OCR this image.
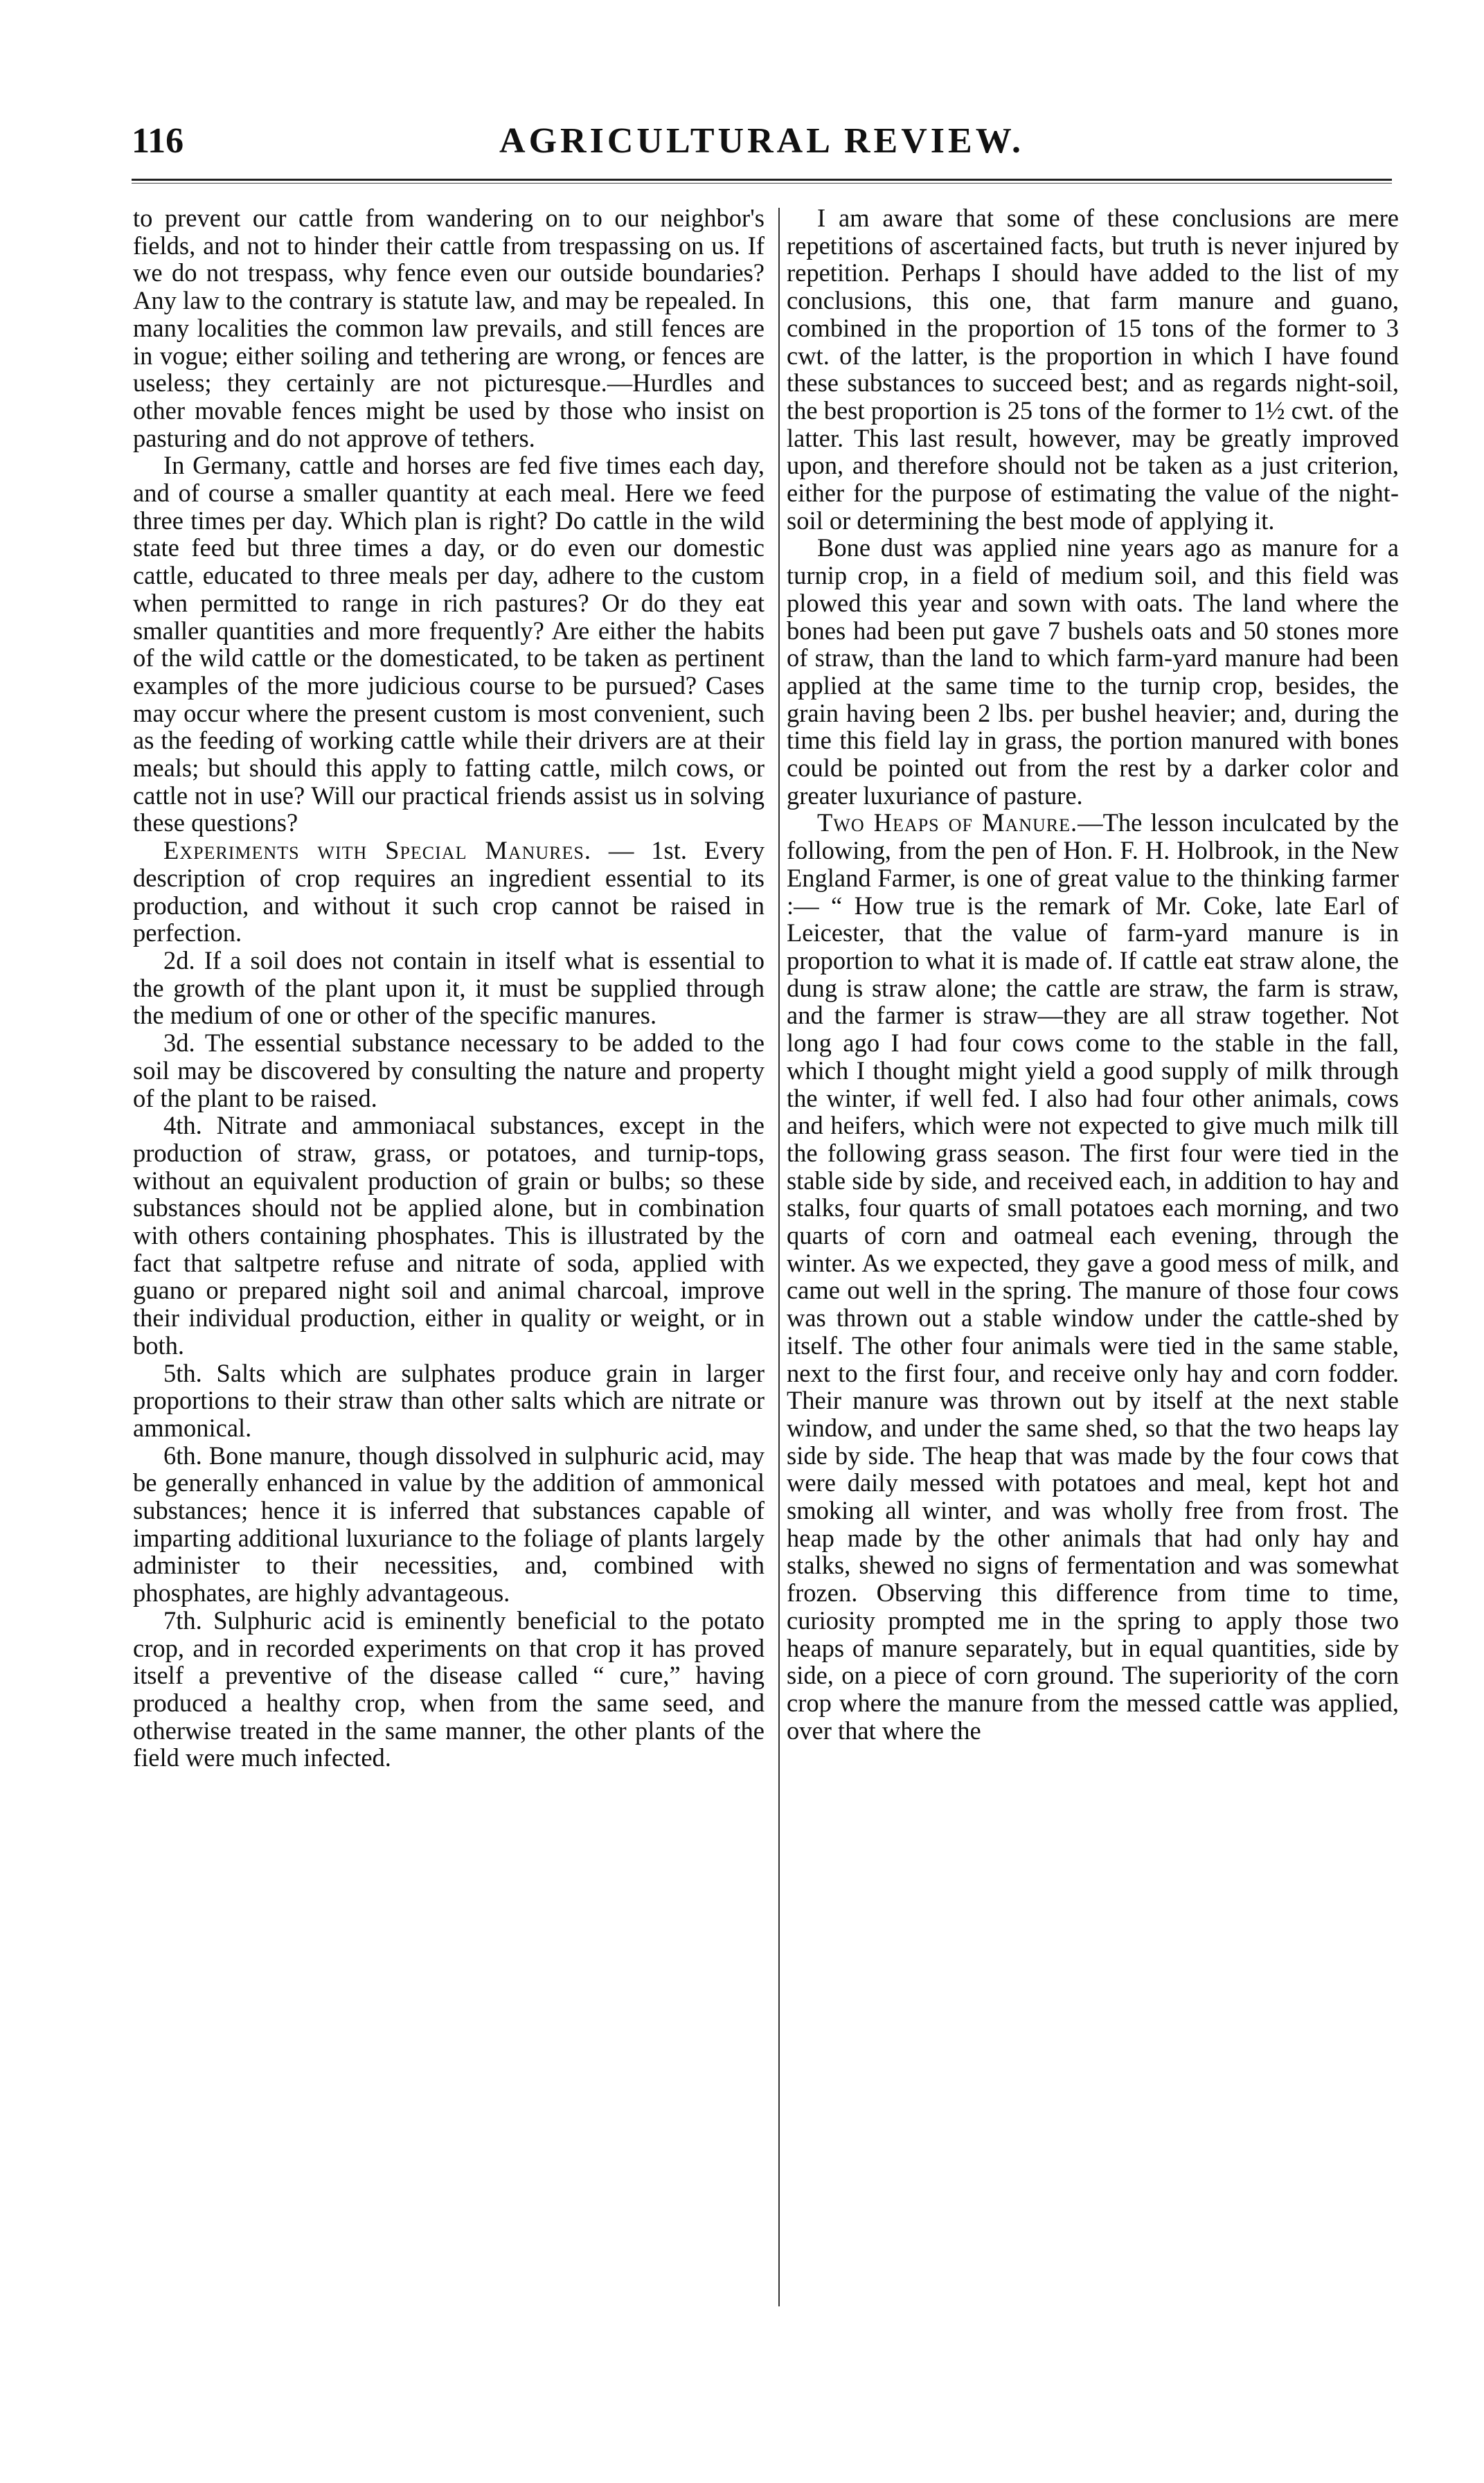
116	AGRICULTURAL REVIEW.

to prevent our cattle from wandering on to our neighbor's fields, and not to hinder their cattle from trespassing on us. If we do not trespass, why fence even our outside boundaries? Any law to the contrary is statute law, and may be repealed. In many localities the common law prevails, and still fences are in vogue; either soiling and tethering are wrong, or fences are useless; they certainly are not picturesque.—Hurdles and other movable fences might be used by those who insist on pasturing and do not approve of tethers.

In Germany, cattle and horses are fed five times each day, and of course a smaller quantity at each meal. Here we feed three times per day. Which plan is right? Do cattle in the wild state feed but three times a day, or do even our domestic cattle, educated to three meals per day, adhere to the custom when permitted to range in rich pastures? Or do they eat smaller quantities and more frequently? Are either the habits of the wild cattle or the domesticated, to be taken as pertinent examples of the more judicious course to be pursued? Cases may occur where the present custom is most convenient, such as the feeding of working cattle while their drivers are at their meals; but should this apply to fatting cattle, milch cows, or cattle not in use? Will our practical friends assist us in solving these questions?

Experiments with Special Manures. — 1st. Every description of crop requires an ingredient essential to its production, and without it such crop cannot be raised in perfection.

2d. If a soil does not contain in itself what is essential to the growth of the plant upon it, it must be supplied through the medium of one or other of the specific manures.

3d. The essential substance necessary to be added to the soil may be discovered by consulting the nature and property of the plant to be raised.

4th. Nitrate and ammoniacal substances, except in the production of straw, grass, or potatoes, and turnip-tops, without an equivalent production of grain or bulbs; so these substances should not be applied alone, but in combination with others containing phosphates. This is illustrated by the fact that saltpetre refuse and nitrate of soda, applied with guano or prepared night soil and animal charcoal, improve their individual production, either in quality or weight, or in both.

5th. Salts which are sulphates produce grain in larger proportions to their straw than other salts which are nitrate or ammonical.

6th. Bone manure, though dissolved in sulphuric acid, may be generally enhanced in value by the addition of ammonical substances; hence it is inferred that substances capable of imparting additional luxuriance to the foliage of plants largely administer to their necessities, and, combined with phosphates, are highly advantageous.

7th. Sulphuric acid is eminently beneficial to the potato crop, and in recorded experiments on that crop it has proved itself a preventive of the disease called “ cure,” having produced a healthy crop, when from the same seed, and otherwise treated in the same manner, the other plants of the field were much infected.

I am aware that some of these conclusions are mere repetitions of ascertained facts, but truth is never injured by repetition. Perhaps I should have added to the list of my conclusions, this one, that farm manure and guano, combined in the proportion of 15 tons of the former to 3 cwt. of the latter, is the proportion in which I have found these substances to succeed best; and as regards night-soil, the best proportion is 25 tons of the former to 1½ cwt. of the latter. This last result, however, may be greatly improved upon, and therefore should not be taken as a just criterion, either for the purpose of estimating the value of the night-soil or determining the best mode of applying it.

Bone dust was applied nine years ago as manure for a turnip crop, in a field of medium soil, and this field was plowed this year and sown with oats. The land where the bones had been put gave 7 bushels oats and 50 stones more of straw, than the land to which farm-yard manure had been applied at the same time to the turnip crop, besides, the grain having been 2 lbs. per bushel heavier; and, during the time this field lay in grass, the portion manured with bones could be pointed out from the rest by a darker color and greater luxuriance of pasture.

Two Heaps of Manure.—The lesson inculcated by the following, from the pen of Hon. F. H. Holbrook, in the New England Farmer, is one of great value to the thinking farmer :— “ How true is the remark of Mr. Coke, late Earl of Leicester, that the value of farm-yard manure is in proportion to what it is made of. If cattle eat straw alone, the dung is straw alone; the cattle are straw, the farm is straw, and the farmer is straw—they are all straw together. Not long ago I had four cows come to the stable in the fall, which I thought might yield a good supply of milk through the winter, if well fed. I also had four other animals, cows and heifers, which were not expected to give much milk till the following grass season. The first four were tied in the stable side by side, and received each, in addition to hay and stalks, four quarts of small potatoes each morning, and two quarts of corn and oatmeal each evening, through the winter. As we expected, they gave a good mess of milk, and came out well in the spring. The manure of those four cows was thrown out a stable window under the cattle-shed by itself. The other four animals were tied in the same stable, next to the first four, and receive only hay and corn fodder. Their manure was thrown out by itself at the next stable window, and under the same shed, so that the two heaps lay side by side. The heap that was made by the four cows that were daily messed with potatoes and meal, kept hot and smoking all winter, and was wholly free from frost. The heap made by the other animals that had only hay and stalks, shewed no signs of fermentation and was somewhat frozen. Observing this difference from time to time, curiosity prompted me in the spring to apply those two heaps of manure separately, but in equal quantities, side by side, on a piece of corn ground. The superiority of the corn crop where the manure from the messed cattle was applied, over that where the
